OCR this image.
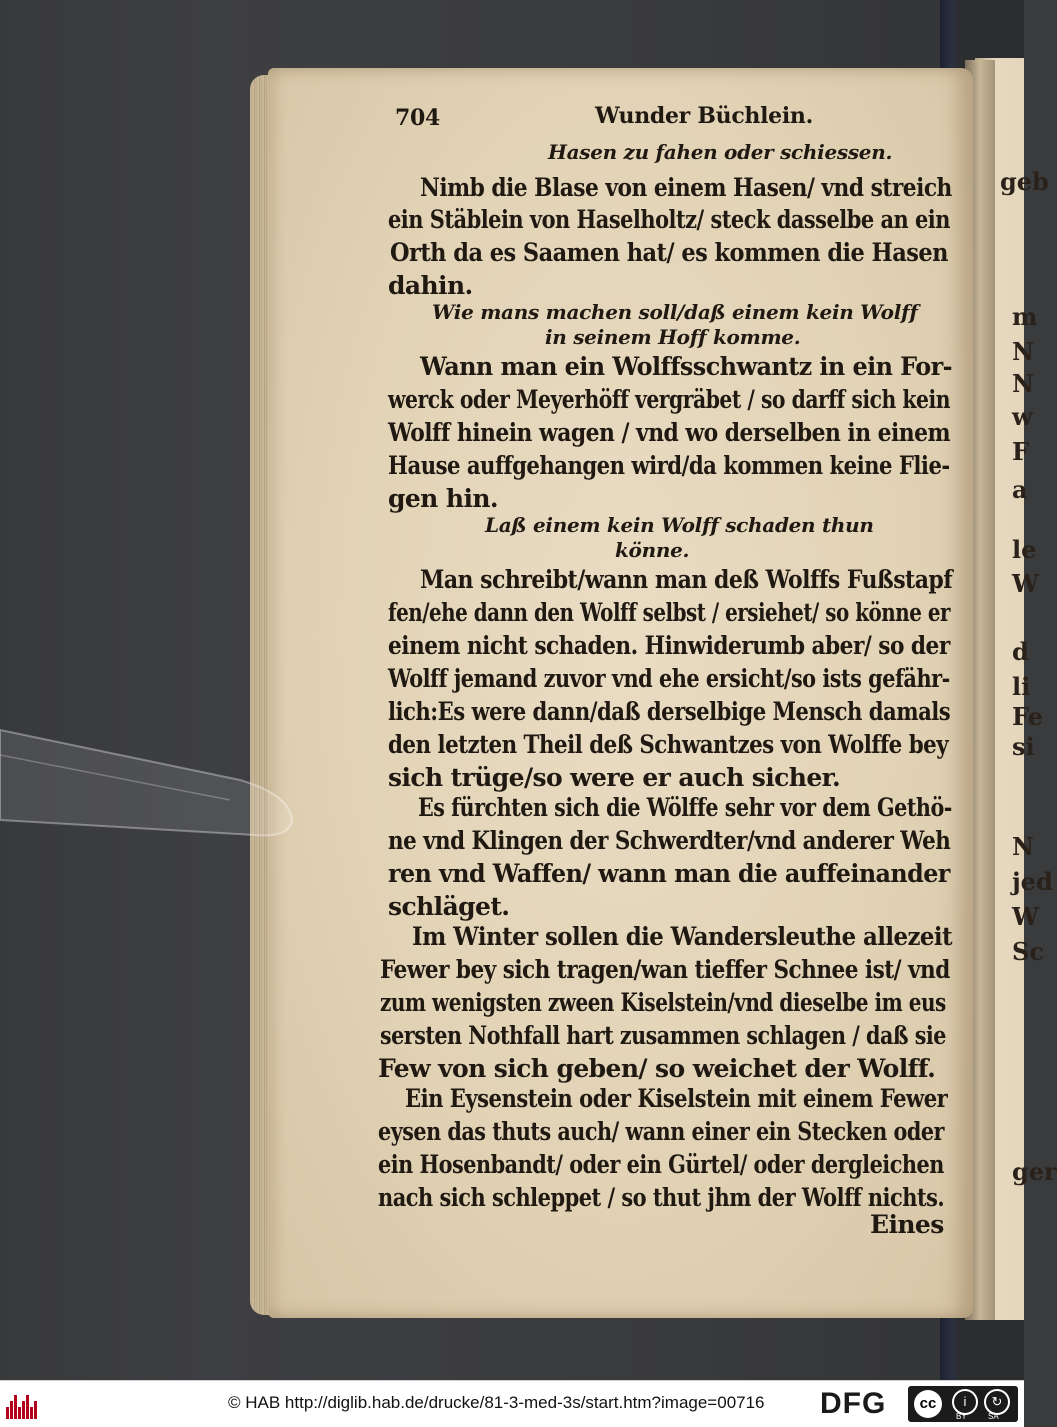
704	Wunder Büchlein.
Hasen zu fahen oder schiessen.
Nimb die Blase von einem Hasen/ vnd streich
ein Stäblein von Haselholtz/ steck dasselbe an ein
Orth da es Saamen hat/ es kommen die Hasen
dahin.
Wie mans machen soll/daß einem kein Wolff
in seinem Hoff komme.
Wann man ein Wolffsschwantz in ein For-
werck oder Meyerhöff vergräbet / so darff sich kein
Wolff hinein wagen / vnd wo derselben in einem
Hause auffgehangen wird/da kommen keine Flie-
gen hin.
Laß einem kein Wolff schaden thun
könne.
Man schreibt/wann man deß Wolffs Fußstapf
fen/ehe dann den Wolff selbst / ersiehet/ so könne er
einem nicht schaden. Hinwiderumb aber/ so der
Wolff jemand zuvor vnd ehe ersicht/so ists gefähr-
lich:Es were dann/daß derselbige Mensch damals
den letzten Theil deß Schwantzes von Wolffe bey
sich trüge/so were er auch sicher.
Es fürchten sich die Wölffe sehr vor dem Gethö-
ne vnd Klingen der Schwerdter/vnd anderer Weh
ren vnd Waffen/ wann man die auffeinander
schläget.
Im Winter sollen die Wandersleuthe allezeit
Fewer bey sich tragen/wan tieffer Schnee ist/ vnd
zum wenigsten zween Kiselstein/vnd dieselbe im eus
sersten Nothfall hart zusammen schlagen / daß sie
Few von sich geben/ so weichet der Wolff.
Ein Eysenstein oder Kiselstein mit einem Fewer
eysen das thuts auch/ wann einer ein Stecken oder
ein Hosenbandt/ oder ein Gürtel/ oder dergleichen
nach sich schleppet / so thut jhm der Wolff nichts.
Eines
geb
m
N
N
w
F
a
le
W
d
li
Fe
si
N
jed
W
Sc
ger
© HAB http://diglib.hab.de/drucke/81-3-med-3s/start.htm?image=00716 DFG	cc	i	↻
BY	SA
